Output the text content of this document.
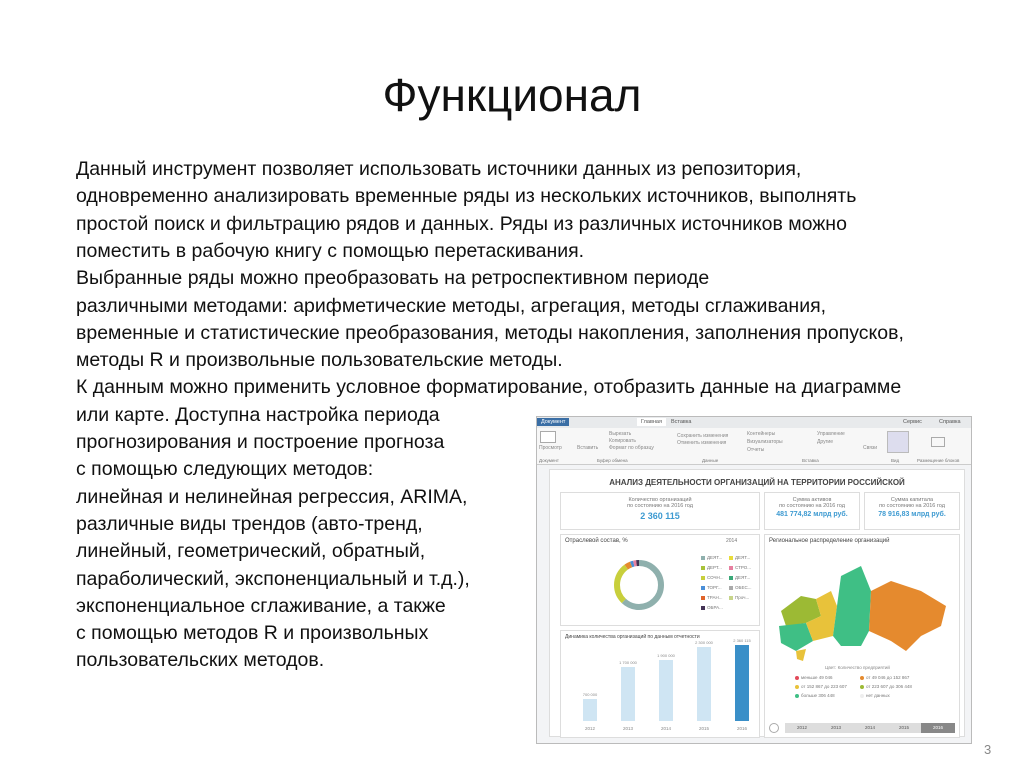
Функционал
Данный инструмент позволяет использовать источники данных из репозитория,
одновременно анализировать временные ряды из нескольких источников, выполнять
простой поиск и фильтрацию рядов и данных. Ряды из различных источников можно
поместить в рабочую книгу с помощью перетаскивания.
Выбранные ряды можно преобразовать на ретроспективном периоде
различными методами: арифметические методы, агрегация, методы сглаживания,
временные и статистические преобразования, методы накопления, заполнения пропусков,
методы R и произвольные пользовательские методы.
К данным можно применить условное форматирование, отобразить данные на диаграмме
или карте. Доступна настройка периода
прогнозирования и построение прогноза
с помощью следующих методов:
линейная и нелинейная регрессия, ARIMA,
различные виды трендов (авто-тренд,
линейный, геометрический, обратный,
параболический, экспоненциальный и т.д.),
экспоненциальное сглаживание, а также
с помощью методов R и произвольных
пользовательских методов.
Документ	Главная	Вставка	Сервис	Справка
Просмотр	Вставить
Вырезать
Копировать
Формат по образцу
Сохранить изменения
Отменить изменения
Контейнеры
Визуализаторы
Отчеты
Управление
Другие
Связи
Документ	Буфер обмена	Данные	Вставка	Вид	Размещение блоков
АНАЛИЗ ДЕЯТЕЛЬНОСТИ ОРГАНИЗАЦИЙ НА ТЕРРИТОРИИ РОССИЙСКОЙ
Количество организаций
по состоянию на 2016 год
2 360 115
Сумма активов
по состоянию на 2016 год
481 774,82 млрд руб.
Сумма капитала
по состоянию на 2016 год
78 916,83 млрд руб.
Отраслевой состав, %	2014
ДЕЯТ...	ДЕЯТ...
ДЕРТ...	СТРО...
СОЧН...	ДЕЯТ...
ТОРГ...	ОБЕС...
ТРАН...	Проч...
ОБРА...
Динамика количества организаций по данным отчетности
700 000
2012
1 700 000
2013
1 900 000
2014
2 300 000
2015
2 360 115
2016
Региональное распределение организаций
Цвет: Количество предприятий
меньше 49 046	от 49 046 до 152 867
от 152 867 до 223 607	от 223 607 до 306 448
больше 306 448	нет данных
2012	2013	2014	2015	2016
3
